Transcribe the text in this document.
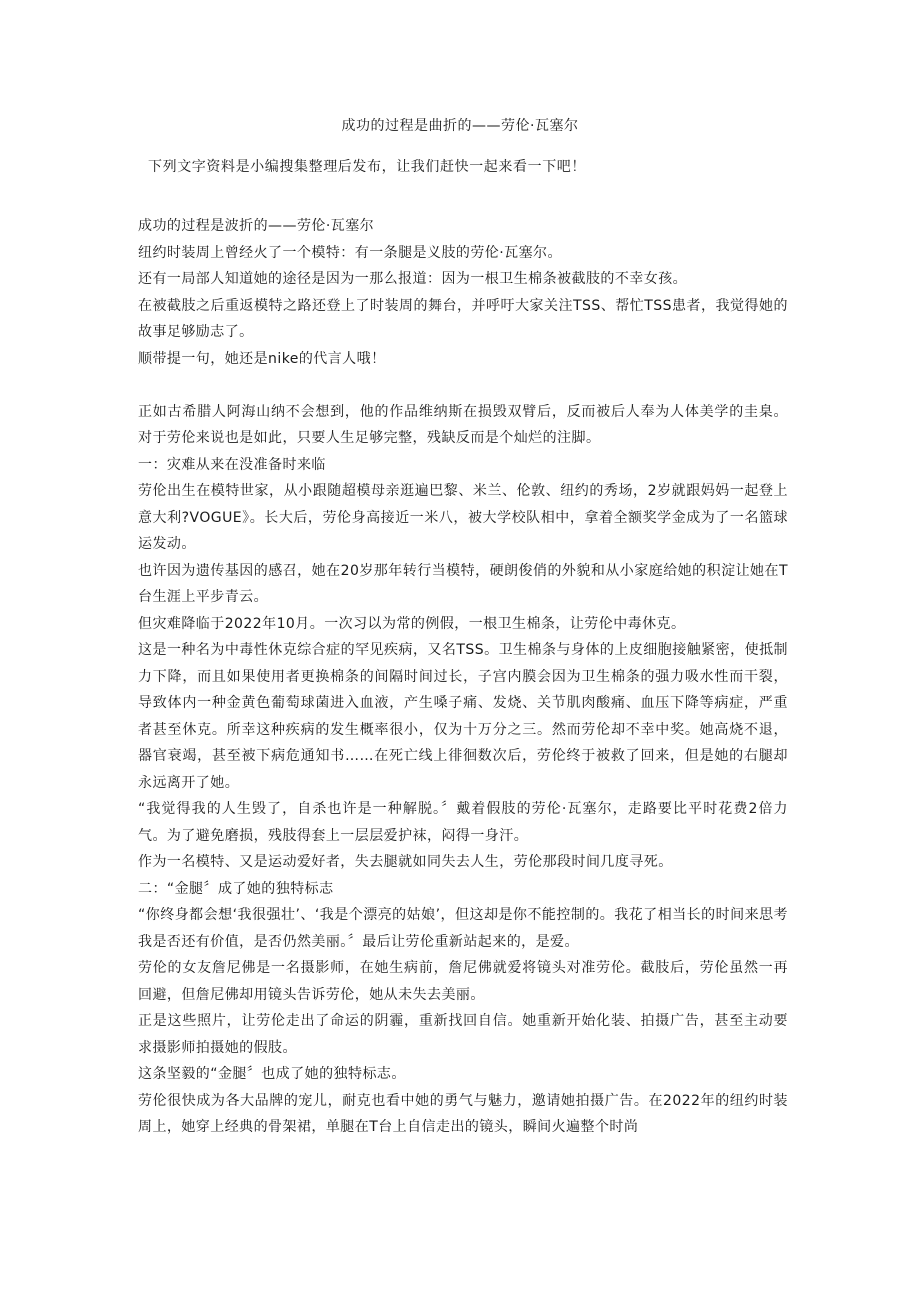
成功的过程是曲折的——劳伦·瓦塞尔
下列文字资料是小编搜集整理后发布，让我们赶快一起来看一下吧！

成功的过程是波折的——劳伦·瓦塞尔

纽约时装周上曾经火了一个模特：有一条腿是义肢的劳伦·瓦塞尔。

还有一局部人知道她的途径是因为一那么报道：因为一根卫生棉条被截肢的不幸女孩。

在被截肢之后重返模特之路还登上了时装周的舞台，并呼吁大家关注TSS、帮忙TSS患者，我觉得她的故事足够励志了。

顺带提一句，她还是nike的代言人哦！

正如古希腊人阿海山纳不会想到，他的作品维纳斯在损毁双臂后，反而被后人奉为人体美学的圭臬。对于劳伦来说也是如此，只要人生足够完整，残缺反而是个灿烂的注脚。

一：灾难从来在没准备时来临

劳伦出生在模特世家，从小跟随超模母亲逛遍巴黎、米兰、伦敦、纽约的秀场，2岁就跟妈妈一起登上意大利?VOGUE》。长大后，劳伦身高接近一米八，被大学校队相中，拿着全额奖学金成为了一名篮球运发动。

也许因为遗传基因的感召，她在20岁那年转行当模特，硬朗俊俏的外貌和从小家庭给她的积淀让她在T台生涯上平步青云。

但灾难降临于2022年10月。一次习以为常的例假，一根卫生棉条，让劳伦中毒休克。

这是一种名为中毒性休克综合症的罕见疾病，又名TSS。卫生棉条与身体的上皮细胞接触紧密，使抵制力下降，而且如果使用者更换棉条的间隔时间过长，子宫内膜会因为卫生棉条的强力吸水性而干裂，导致体内一种金黄色葡萄球菌进入血液，产生嗓子痛、发烧、关节肌肉酸痛、血压下降等病症，严重者甚至休克。所幸这种疾病的发生概率很小，仅为十万分之三。然而劳伦却不幸中奖。她高烧不退，器官衰竭，甚至被下病危通知书……在死亡线上徘徊数次后，劳伦终于被救了回来，但是她的右腿却永远离开了她。

“我觉得我的人生毁了，自杀也许是一种解脱。〞戴着假肢的劳伦·瓦塞尔，走路要比平时花费2倍力气。为了避免磨损，残肢得套上一层层爱护袜，闷得一身汗。

作为一名模特、又是运动爱好者，失去腿就如同失去人生，劳伦那段时间几度寻死。

二：“金腿〞成了她的独特标志

“你终身都会想‘我很强壮’、‘我是个漂亮的姑娘’，但这却是你不能控制的。我花了相当长的时间来思考我是否还有价值，是否仍然美丽。〞最后让劳伦重新站起来的，是爱。

劳伦的女友詹尼佛是一名摄影师，在她生病前，詹尼佛就爱将镜头对准劳伦。截肢后，劳伦虽然一再回避，但詹尼佛却用镜头告诉劳伦，她从未失去美丽。

正是这些照片，让劳伦走出了命运的阴霾，重新找回自信。她重新开始化装、拍摄广告，甚至主动要求摄影师拍摄她的假肢。

这条坚毅的“金腿〞也成了她的独特标志。

劳伦很快成为各大品牌的宠儿，耐克也看中她的勇气与魅力，邀请她拍摄广告。在2022年的纽约时装周上，她穿上经典的骨架裙，单腿在T台上自信走出的镜头，瞬间火遍整个时尚
